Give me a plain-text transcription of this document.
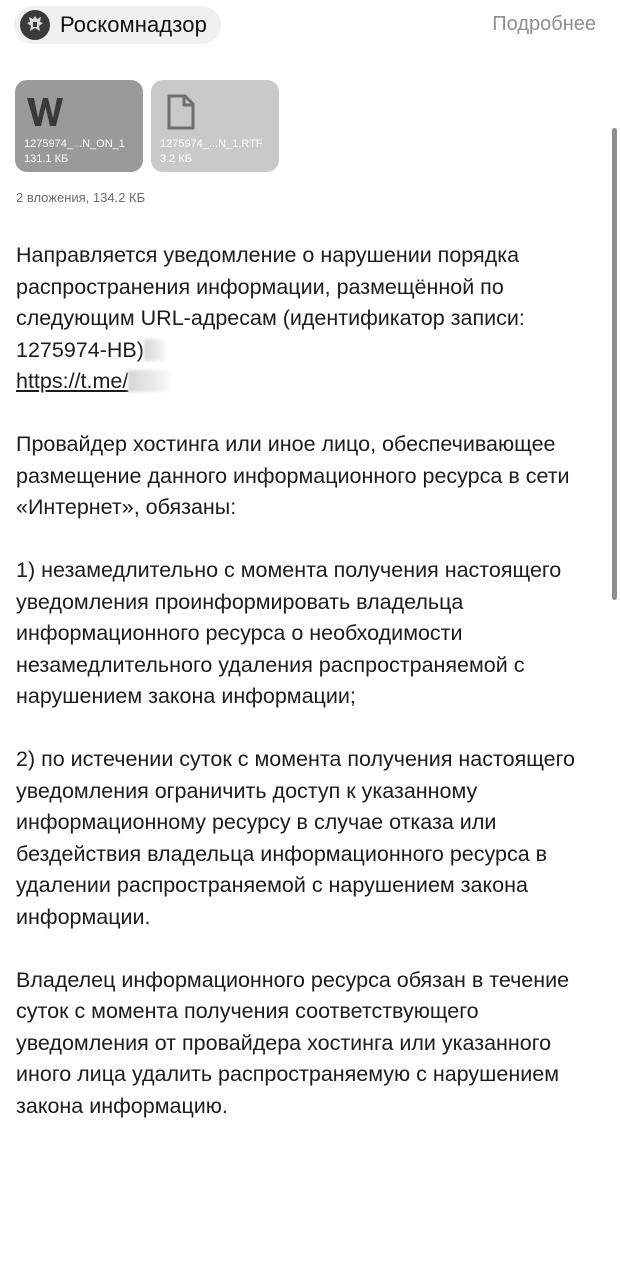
Роскомнадзор	Подробнее
1275974_...N_ON_1
131.1 КБ
1275974_...N_1.RTF
3.2 КБ
2 вложения, 134.2 КБ

Направляется уведомление о нарушении порядка распространения информации, размещённой по следующим URL-адресам (идентификатор записи: 1275974-НВ)
https://t.me/

Провайдер хостинга или иное лицо, обеспечивающее размещение данного информационного ресурса в сети «Интернет», обязаны:

1) незамедлительно с момента получения настоящего уведомления проинформировать владельца информационного ресурса о необходимости незамедлительного удаления распространяемой с нарушением закона информации;

2) по истечении суток с момента получения настоящего уведомления ограничить доступ к указанному информационному ресурсу в случае отказа или бездействия владельца информационного ресурса в удалении распространяемой с нарушением закона информации.

Владелец информационного ресурса обязан в течение суток с момента получения соответствующего уведомления от провайдера хостинга или указанного иного лица удалить распространяемую с нарушением закона информацию.
